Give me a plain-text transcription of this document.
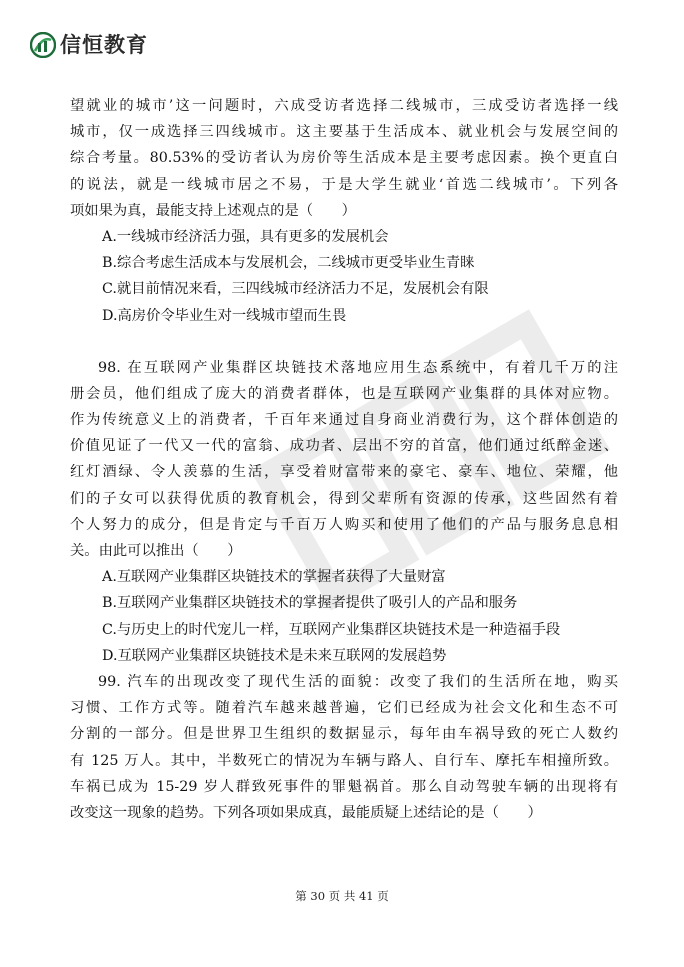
信恒教育
望就业的城市’这一问题时，六成受访者选择二线城市，三成受访者选择一线
城市，仅一成选择三四线城市。这主要基于生活成本、就业机会与发展空间的
综合考量。80.53%的受访者认为房价等生活成本是主要考虑因素。换个更直白
的说法，就是一线城市居之不易，于是大学生就业‘首选二线城市’。下列各
项如果为真，最能支持上述观点的是（　　）
A.一线城市经济活力强，具有更多的发展机会
B.综合考虑生活成本与发展机会，二线城市更受毕业生青睐
C.就目前情况来看，三四线城市经济活力不足，发展机会有限
D.高房价令毕业生对一线城市望而生畏
98. 在互联网产业集群区块链技术落地应用生态系统中，有着几千万的注
册会员，他们组成了庞大的消费者群体，也是互联网产业集群的具体对应物。
作为传统意义上的消费者，千百年来通过自身商业消费行为，这个群体创造的
价值见证了一代又一代的富翁、成功者、层出不穷的首富，他们通过纸醉金迷、
红灯酒绿、令人羡慕的生活，享受着财富带来的豪宅、豪车、地位、荣耀，他
们的子女可以获得优质的教育机会，得到父辈所有资源的传承，这些固然有着
个人努力的成分，但是肯定与千百万人购买和使用了他们的产品与服务息息相
关。由此可以推出（　　）
A.互联网产业集群区块链技术的掌握者获得了大量财富
B.互联网产业集群区块链技术的掌握者提供了吸引人的产品和服务
C.与历史上的时代宠儿一样，互联网产业集群区块链技术是一种造福手段
D.互联网产业集群区块链技术是未来互联网的发展趋势
99. 汽车的出现改变了现代生活的面貌：改变了我们的生活所在地，购买
习惯、工作方式等。随着汽车越来越普遍，它们已经成为社会文化和生态不可
分割的一部分。但是世界卫生组织的数据显示，每年由车祸导致的死亡人数约
有 125 万人。其中，半数死亡的情况为车辆与路人、自行车、摩托车相撞所致。
车祸已成为 15-29 岁人群致死事件的罪魁祸首。那么自动驾驶车辆的出现将有
改变这一现象的趋势。下列各项如果成真，最能质疑上述结论的是（　　）
第 30 页 共 41 页
